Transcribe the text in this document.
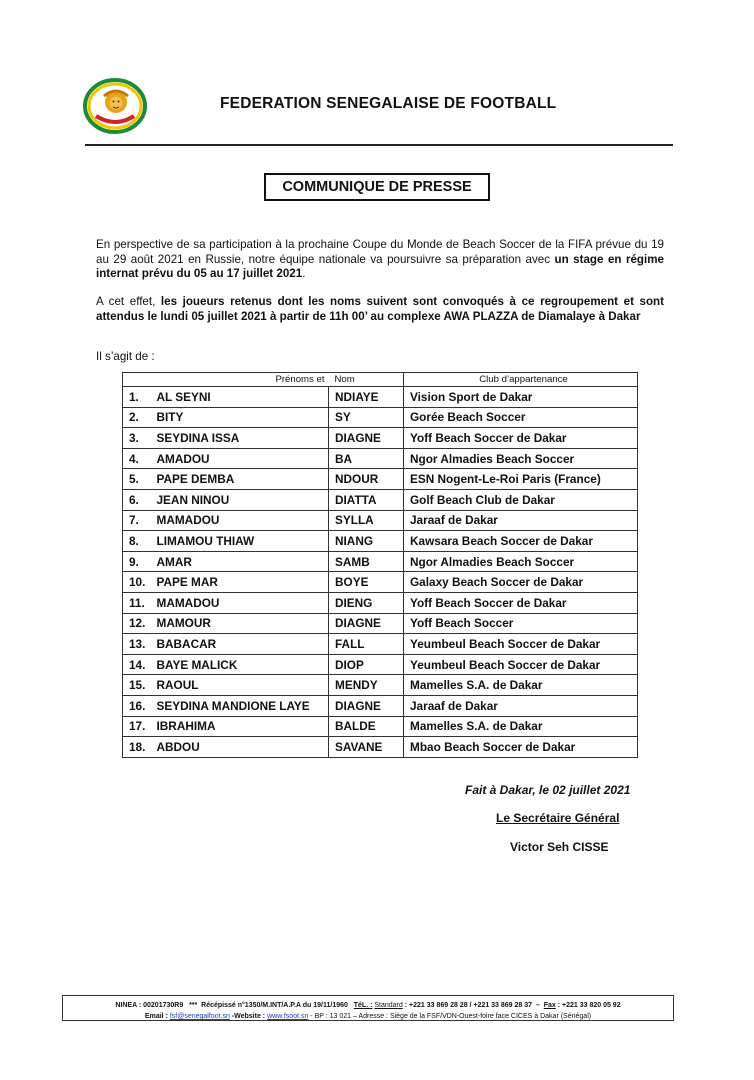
FEDERATION SENEGALAISE DE FOOTBALL
COMMUNIQUE DE PRESSE
En perspective de sa participation à la prochaine Coupe du Monde de Beach Soccer de la FIFA prévue du 19 au 29 août 2021 en Russie, notre équipe nationale va poursuivre sa préparation avec un stage en régime internat prévu du 05 au 17 juillet 2021.
A cet effet, les joueurs retenus dont les noms suivent sont convoqués à ce regroupement et sont attendus le lundi 05 juillet 2021 à partir de 11h 00’ au complexe AWA PLAZZA de Diamalaye à Dakar
Il s’agit de :
	Prénoms et	Nom	Club d’appartenance
1.	AL SEYNI	NDIAYE	Vision Sport de Dakar
2.	BITY	SY	Gorée Beach Soccer
3.	SEYDINA ISSA	DIAGNE	Yoff Beach Soccer de Dakar
4.	AMADOU	BA	Ngor Almadies Beach Soccer
5.	PAPE DEMBA	NDOUR	ESN Nogent-Le-Roi Paris (France)
6.	JEAN NINOU	DIATTA	Golf Beach Club de Dakar
7.	MAMADOU	SYLLA	Jaraaf de Dakar
8.	LIMAMOU THIAW	NIANG	Kawsara Beach Soccer de Dakar
9.	AMAR	SAMB	Ngor Almadies Beach Soccer
10.	PAPE MAR	BOYE	Galaxy Beach Soccer de Dakar
11.	MAMADOU	DIENG	Yoff Beach Soccer de Dakar
12.	MAMOUR	DIAGNE	Yoff Beach Soccer
13.	BABACAR	FALL	Yeumbeul Beach Soccer de Dakar
14.	BAYE MALICK	DIOP	Yeumbeul Beach Soccer de Dakar
15.	RAOUL	MENDY	Mamelles S.A. de Dakar
16.	SEYDINA MANDIONE LAYE	DIAGNE	Jaraaf de Dakar
17.	IBRAHIMA	BALDE	Mamelles S.A. de Dakar
18.	ABDOU	SAVANE	Mbao Beach Soccer de Dakar
Fait à Dakar, le 02 juillet 2021
Le Secrétaire Général
Victor Seh CISSE
NINEA : 00201730R9 *** Récépissé n°1350/M.INT/A.P.A du 19/11/1960 TéL. : Standard : +221 33 869 28 28 / +221 33 869 28 37 – Fax : +221 33 820 05 92
Email : fsf@senegalfoot.sn -Website : www.fsoot.sn - BP : 13 021 – Adresse : Siège de la FSF/VDN-Ouest-foire face CICES à Dakar (Sénégal)
